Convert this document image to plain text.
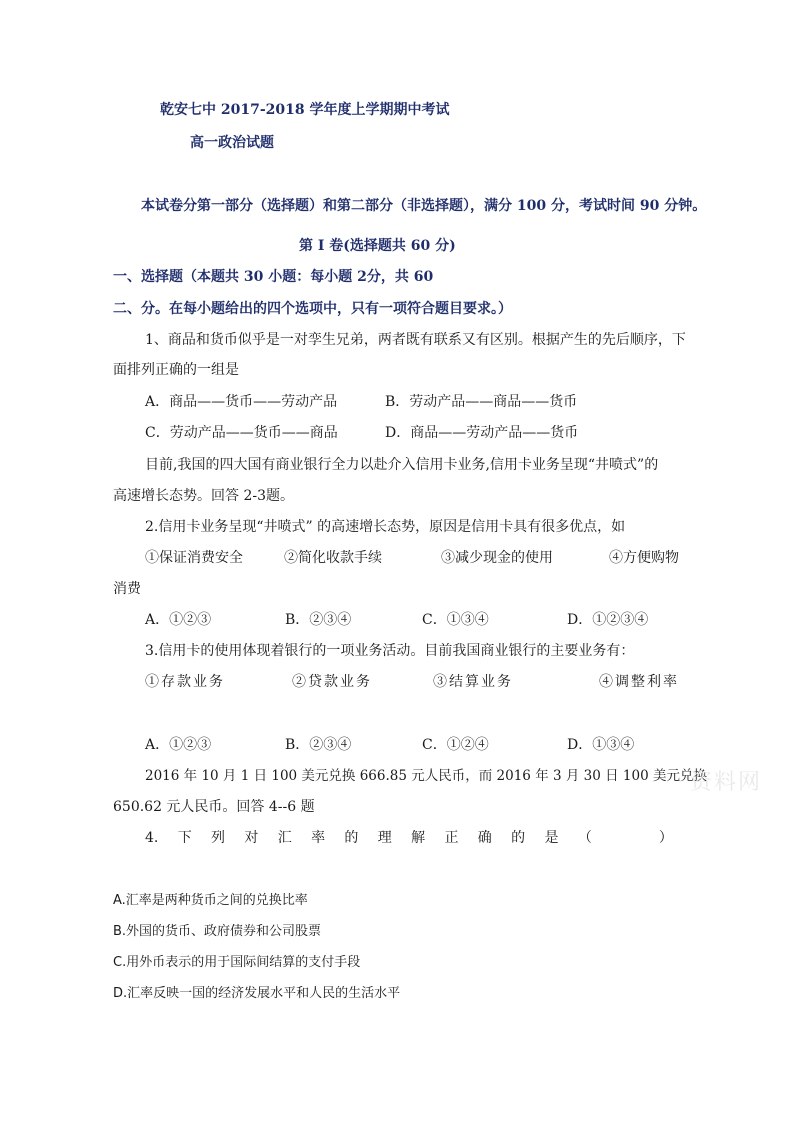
乾安七中 2017-2018 学年度上学期期中考试
高一政治试题
本试卷分第一部分（选择题）和第二部分（非选择题），满分 100 分，考试时间 90 分钟。
第 I 卷(选择题共 60 分)
一、选择题（本题共 30 小题：每小题 2分，共 60
二、分。在每小题给出的四个选项中，只有一项符合题目要求。）
1、商品和货币似乎是一对孪生兄弟，两者既有联系又有区别。根据产生的先后顺序，下
面排列正确的一组是
A．商品——货币——劳动产品	B．劳动产品——商品——货币
C．劳动产品——货币——商品	D．商品——劳动产品——货币
目前,我国的四大国有商业银行全力以赴介入信用卡业务,信用卡业务呈现“井喷式”的
高速增长态势。回答 2-3题。
2.信用卡业务呈现“井喷式” 的高速增长态势，原因是信用卡具有很多优点，如
①保证消费安全	②简化收款手续	③减少现金的使用	④方便购物
消费
A．①②③	B．②③④	C．①③④	D．①②③④
3.信用卡的使用体现着银行的一项业务活动。目前我国商业银行的主要业务有：
①存款业务	②贷款业务	③结算业务	④调整利率
A．①②③	B．②③④	C．①②④	D．①③④
2016 年 10 月 1 日 100 美元兑换 666.85 元人民币，而 2016 年 3 月 30 日 100 美元兑换
650.62 元人民币。回答 4--6 题
资料网
4. 下 列 对 汇 率 的 理 解 正 确 的 是 （	）
A.汇率是两种货币之间的兑换比率
B.外国的货币、政府债券和公司股票
C.用外币表示的用于国际间结算的支付手段
D.汇率反映一国的经济发展水平和人民的生活水平
